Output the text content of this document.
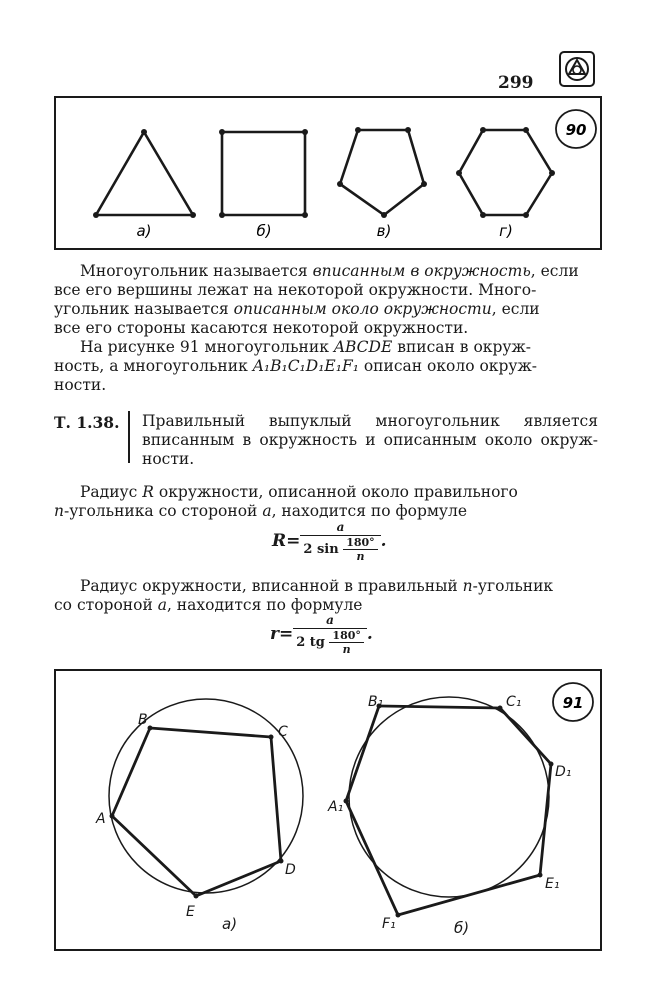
299
90
а)	б)	в)	г)
Многоугольник называется вписанным в окружность, если
все его вершины лежат на некоторой окружности. Много-
угольник называется описанным около окружности, если
все его стороны касаются некоторой окружности.
На рисунке 91 многоугольник ABCDE вписан в окруж-
ность, а многоугольник A₁B₁C₁D₁E₁F₁ описан около окруж-
ности.
Т. 1.38. Правильный выпуклый многоугольник является
вписанным в окружность и описанным около окруж-
ности.
Радиус R окружности, описанной около правильного
n-угольника со стороной a, находится по формуле
$R= \frac{a}{2 \sin \frac{180^\circ}{n}}$ .
Радиус окружности, вписанной в правильный n-угольник
со стороной a, находится по формуле
$r= \frac{a}{2 tg \frac{180^\circ}{n}}$ .
A
B
C
D
E
A₁
B₁	C₁
D₁
E₁
F₁
а)	б)
91
